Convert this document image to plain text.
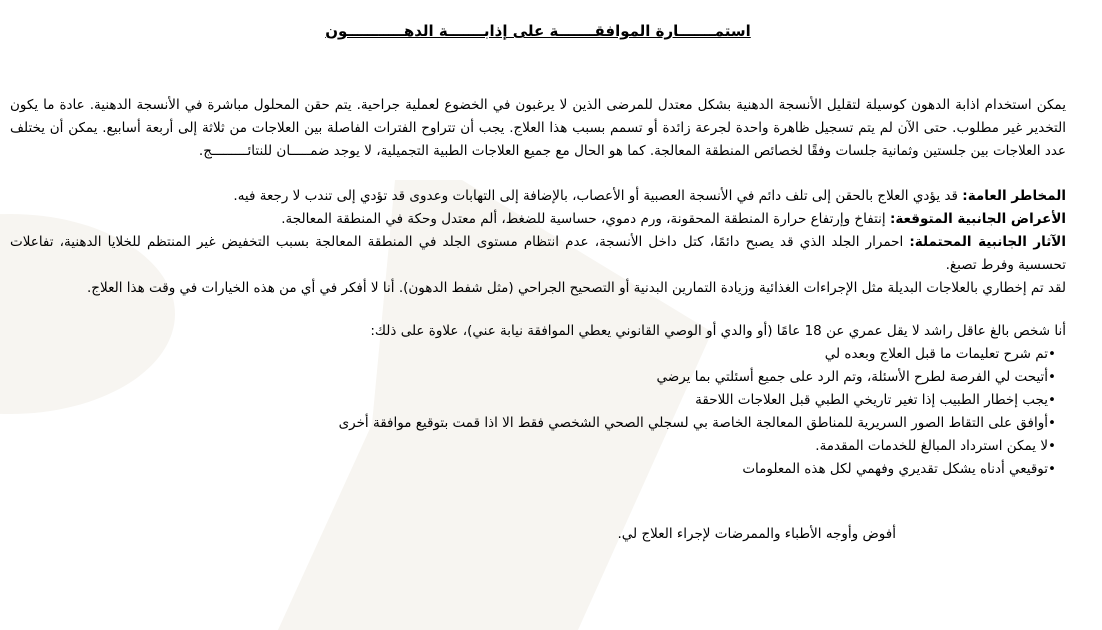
استمـــــــارة الموافقـــــــة على إذابـــــــة الدهـــــــــــون

يمكن استخدام اذابة الدهون كوسيلة لتقليل الأنسجة الدهنية بشكل معتدل للمرضى الذين لا يرغبون في الخضوع لعملية جراحية. يتم حقن المحلول مباشرة في الأنسجة الدهنية. عادة ما يكون التخدير غير مطلوب. حتى الآن لم يتم تسجيل ظاهرة واحدة لجرعة زائدة أو تسمم بسبب هذا العلاج. يجب أن تتراوح الفترات الفاصلة بين العلاجات من ثلاثة إلى أربعة أسابيع. يمكن أن يختلف عدد العلاجات بين جلستين وثمانية جلسات وفقًا لخصائص المنطقة المعالجة. كما هو الحال مع جميع العلاجات الطبية التجميلية، لا يوجد ضمـــــان للنتائـــــــــج.

المخاطر العامة: قد يؤدي العلاج بالحقن إلى تلف دائم في الأنسجة العصبية أو الأعصاب، بالإضافة إلى التهابات وعدوى قد تؤدي إلى تندب لا رجعة فيه.

الأعراض الجانبية المتوقعة: إنتفاخ وإرتفاع حرارة المنطقة المحقونة، ورم دموي، حساسية للضغط، ألم معتدل وحكة في المنطقة المعالجة.

الآثار الجانبية المحتملة: احمرار الجلد الذي قد يصبح دائمًا، كتل داخل الأنسجة، عدم انتظام مستوى الجلد في المنطقة المعالجة بسبب التخفيض غير المنتظم للخلايا الدهنية، تفاعلات تحسسية وفرط تصبغ.

لقد تم إخطاري بالعلاجات البديلة مثل الإجراءات الغذائية وزيادة التمارين البدنية أو التصحيح الجراحي (مثل شفط الدهون). أنا لا أفكر في أي من هذه الخيارات في وقت هذا العلاج.

أنا شخص بالغ عاقل راشد لا يقل عمري عن 18 عامًا (أو والدي أو الوصي القانوني يعطي الموافقة نيابة عني)، علاوة على ذلك:

• تم شرح تعليمات ما قبل العلاج وبعده لي
• أتيحت لي الفرصة لطرح الأسئلة، وتم الرد على جميع أسئلتي بما يرضي
• يجب إخطار الطبيب إذا تغير تاريخي الطبي قبل العلاجات اللاحقة
• أوافق على التقاط الصور السريرية للمناطق المعالجة الخاصة بي لسجلي الصحي الشخصي فقط الا اذا قمت بتوقيع موافقة أخرى
• لا يمكن استرداد المبالغ للخدمات المقدمة.
• توقيعي أدناه يشكل تقديري وفهمي لكل هذه المعلومات

أفوض وأوجه الأطباء والممرضات لإجراء العلاج لي.
